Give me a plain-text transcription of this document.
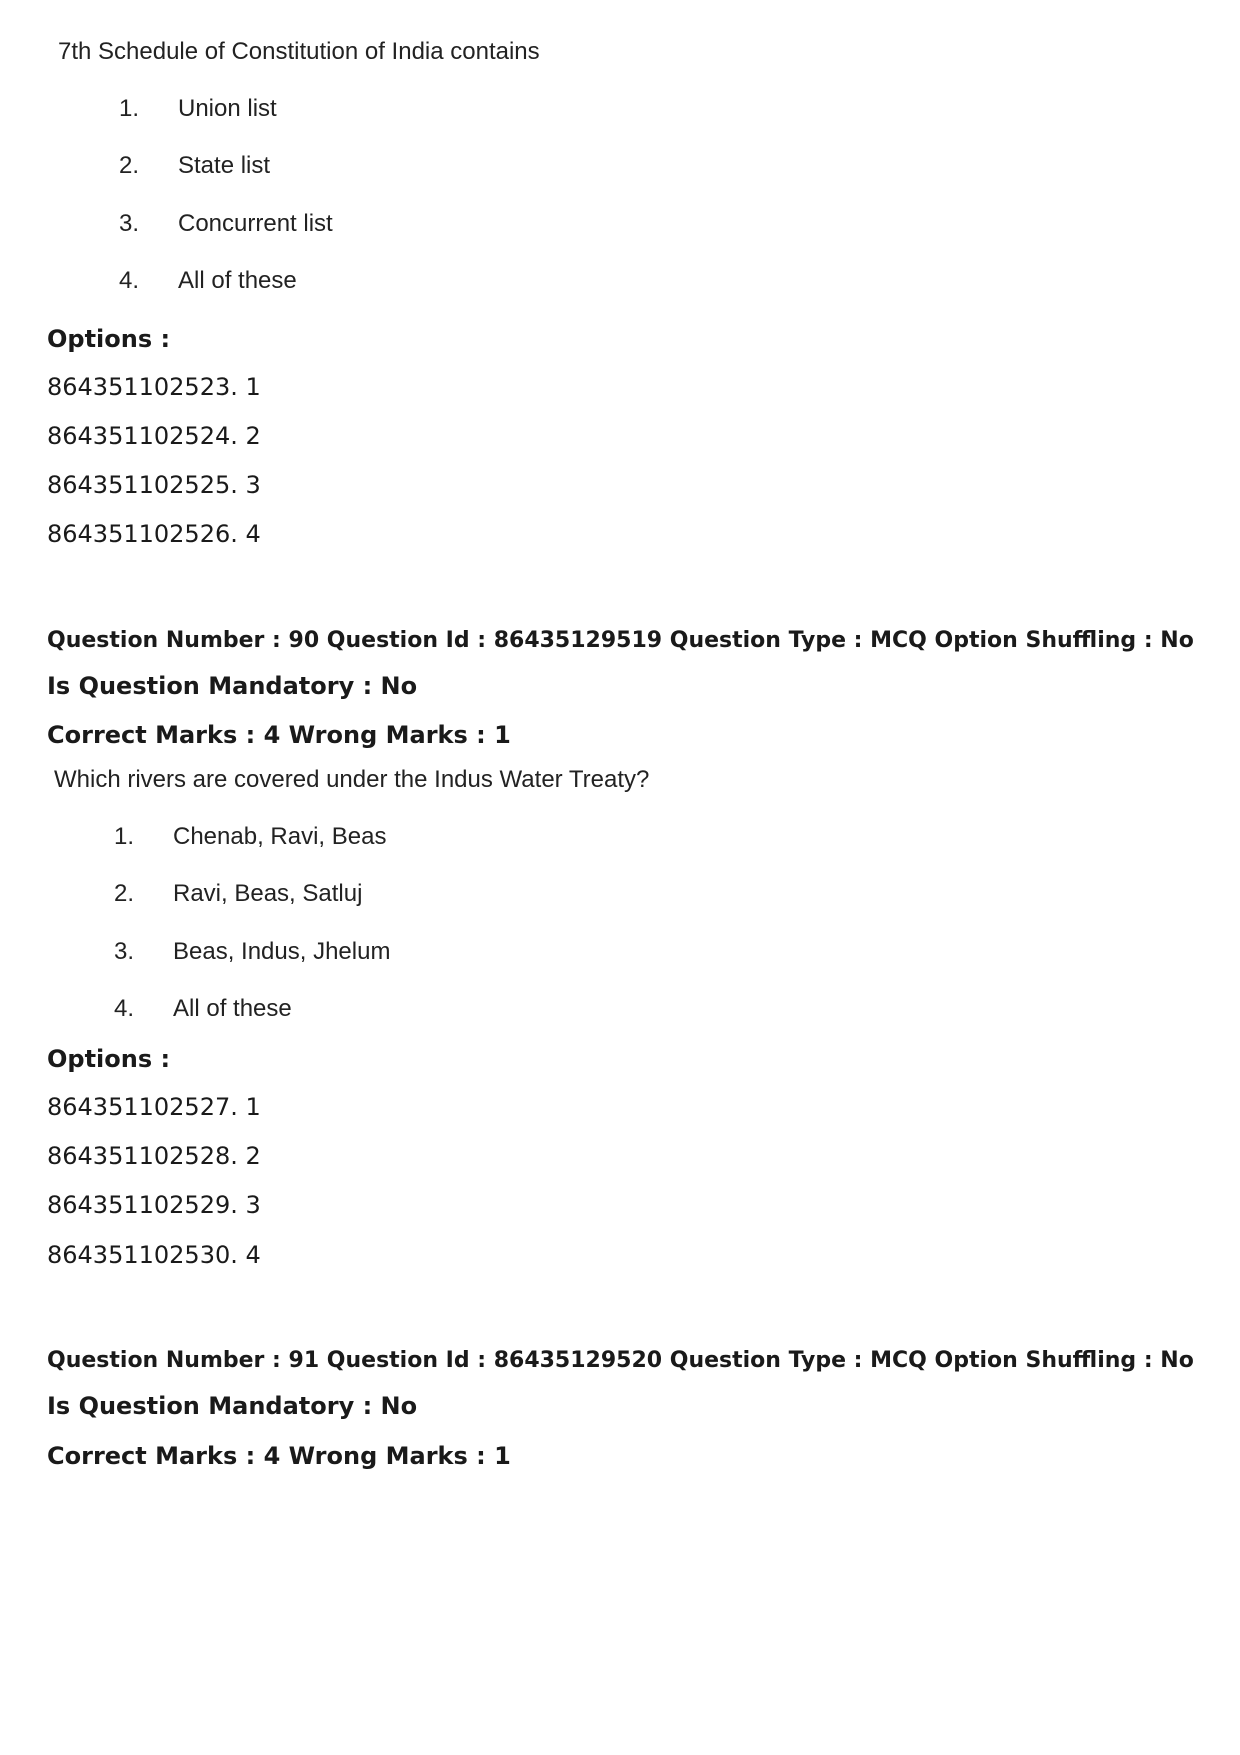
7th Schedule of Constitution of India contains
1. Union list
2. State list
3. Concurrent list
4. All of these
Options :
864351102523. 1
864351102524. 2
864351102525. 3
864351102526. 4
Question Number : 90 Question Id : 86435129519 Question Type : MCQ Option Shuffling : No
Is Question Mandatory : No
Correct Marks : 4 Wrong Marks : 1
Which rivers are covered under the Indus Water Treaty?
1. Chenab, Ravi, Beas
2. Ravi, Beas, Satluj
3. Beas, Indus, Jhelum
4. All of these
Options :
864351102527. 1
864351102528. 2
864351102529. 3
864351102530. 4
Question Number : 91 Question Id : 86435129520 Question Type : MCQ Option Shuffling : No
Is Question Mandatory : No
Correct Marks : 4 Wrong Marks : 1
